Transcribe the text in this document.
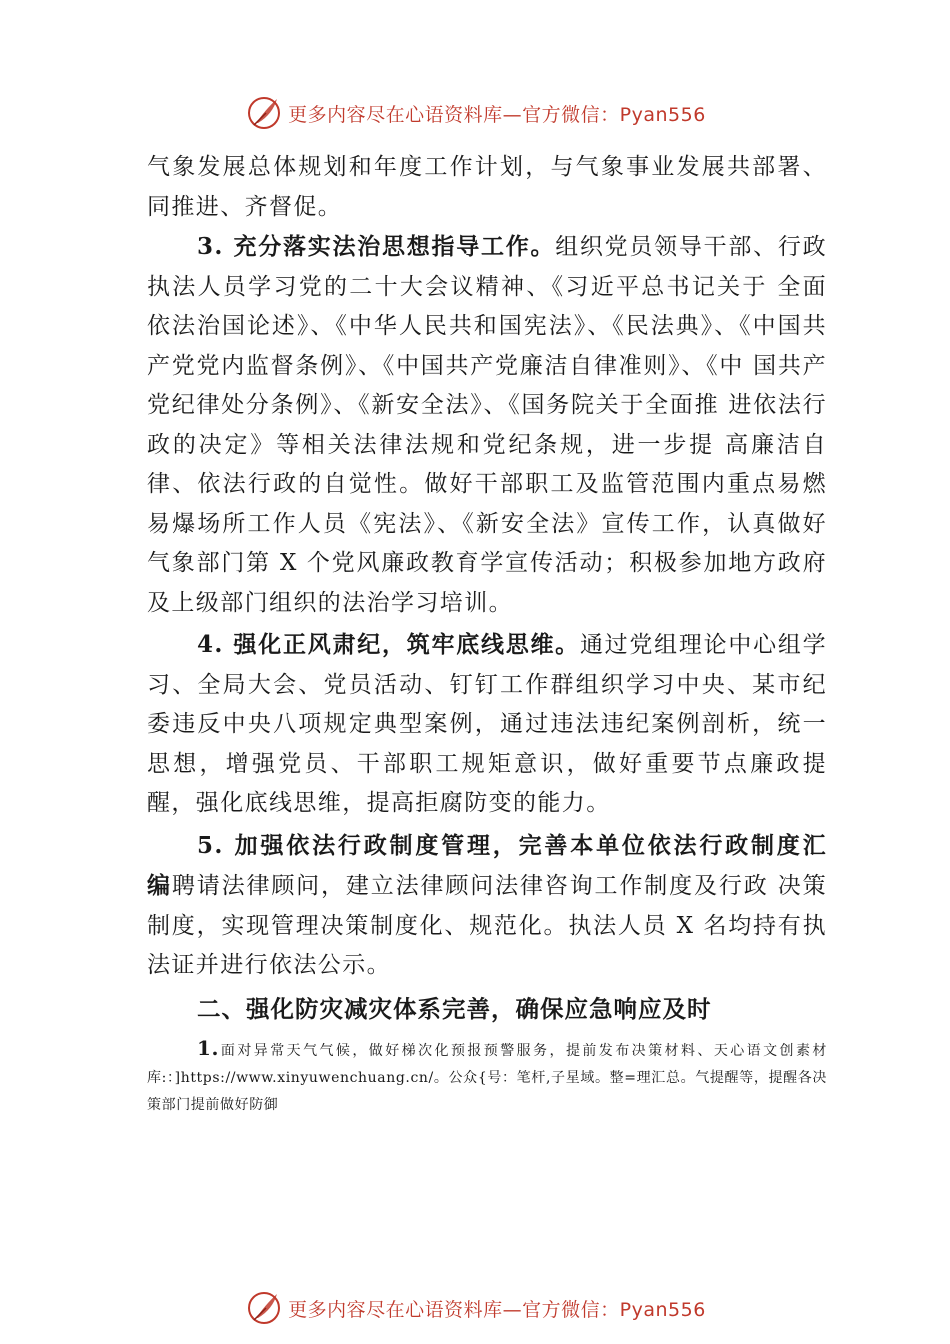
更多内容尽在心语资料库—官方微信：Pyan556

气象发展总体规划和年度工作计划，与气象事业发展共部署、同推进、齐督促。

3. 充分落实法治思想指导工作。组织党员领导干部、行政执法人员学习党的二十大会议精神、《习近平总书记关于 全面依法治国论述》、《中华人民共和国宪法》、《民法典》、《中国共产党党内监督条例》、《中国共产党廉洁自律准则》、《中 国共产党纪律处分条例》、《新安全法》、《国务院关于全面推 进依法行政的决定》等相关法律法规和党纪条规，进一步提 高廉洁自律、依法行政的自觉性。做好干部职工及监管范围内重点易燃易爆场所工作人员《宪法》、《新安全法》宣传工作，认真做好气象部门第 X 个党风廉政教育学宣传活动；积极参加地方政府及上级部门组织的法治学习培训。

4. 强化正风肃纪，筑牢底线思维。通过党组理论中心组学习、全局大会、党员活动、钉钉工作群组织学习中央、某市纪委违反中央八项规定典型案例，通过违法违纪案例剖析，统一思想，增强党员、干部职工规矩意识，做好重要节点廉政提醒，强化底线思维，提高拒腐防变的能力。

5. 加强依法行政制度管理，完善本单位依法行政制度汇 编聘请法律顾问，建立法律顾问法律咨询工作制度及行政 决策制度，实现管理决策制度化、规范化。执法人员 X 名均持有执法证并进行依法公示。

二、强化防灾减灾体系完善，确保应急响应及时

1.面对异常天气气候，做好梯次化预报预警服务，提前发布决策材料、天心语文创素材库:：]https://www.xinyuwenchuang.cn/。公众{号：笔杆,子星域。整=理汇总。气提醒等，提醒各决策部门提前做好防御

更多内容尽在心语资料库—官方微信：Pyan556
